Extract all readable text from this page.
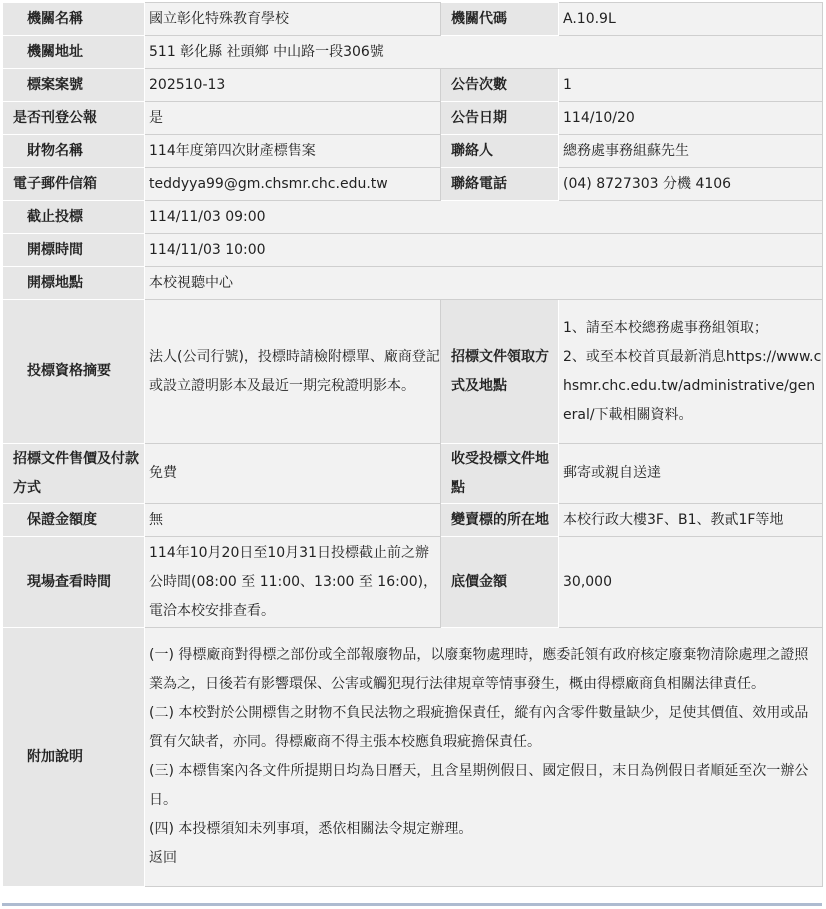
機關名稱	國立彰化特殊教育學校	機關代碼	A.10.9L
機關地址	511 彰化縣 社頭鄉 中山路一段306號		
標案案號	202510-13	公告次數	1
是否刊登公報	是	公告日期	114/10/20
財物名稱	114年度第四次財產標售案	聯絡人	總務處事務組蘇先生
電子郵件信箱	teddyya99@gm.chsmr.chc.edu.tw	聯絡電話	(04) 8727303 分機 4106
截止投標	114/11/03 09:00		
開標時間	114/11/03 10:00		
開標地點	本校視聽中心		
投標資格摘要	法人(公司行號)，投標時請檢附標單、廠商登記或設立證明影本及最近一期完稅證明影本。	招標文件領取方式及地點	1、請至本校總務處事務組領取；
2、或至本校首頁最新消息https://www.chsmr.chc.edu.tw/administrative/general/下載相關資料。

招標文件售價及付款方式	免費	收受投標文件地點	郵寄或親自送達
保證金額度	無	變賣標的所在地	本校行政大樓3F、B1、教貳1F等地
現場查看時間	114年10月20日至10月31日投標截止前之辦公時間(08:00 至 11:00、13:00 至 16:00)，電洽本校安排查看。	底價金額	30,000
附加說明	(一) 得標廠商對得標之部份或全部報廢物品，以廢棄物處理時，應委託領有政府核定廢棄物清除處理之證照業為之，日後若有影響環保、公害或觸犯現行法律規章等情事發生，概由得標廠商負相關法律責任。
(二) 本校對於公開標售之財物不負民法物之瑕疵擔保責任，縱有內含零件數量缺少，足使其價值、效用或品質有欠缺者，亦同。得標廠商不得主張本校應負瑕疵擔保責任。
(三) 本標售案內各文件所提期日均為日曆天，且含星期例假日、國定假日，末日為例假日者順延至次一辦公日。
(四) 本投標須知未列事項，悉依相關法令規定辦理。
返回		
